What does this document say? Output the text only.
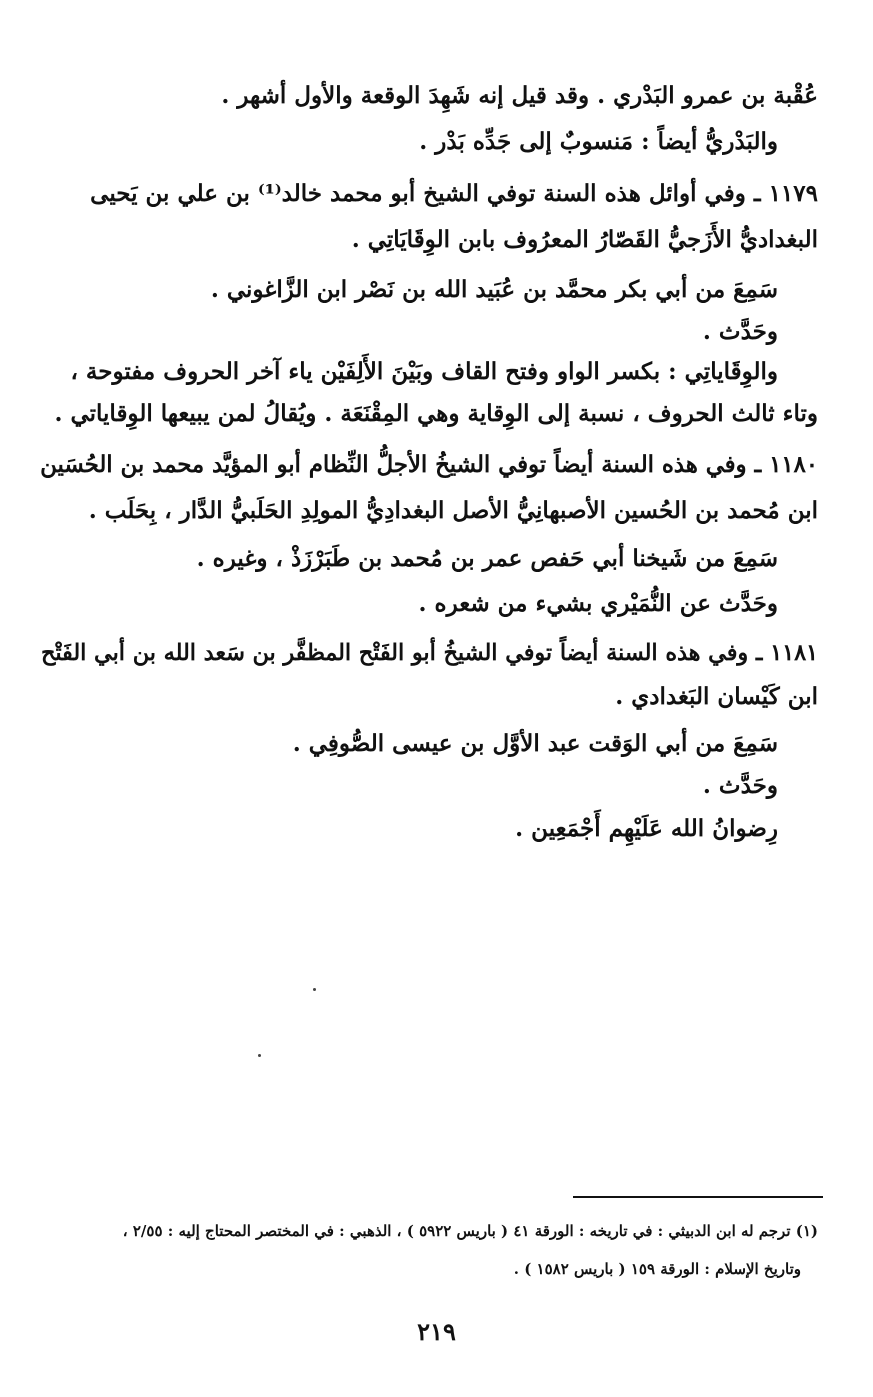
عُقْبة بن عمرو البَدْري . وقد قيل إنه شَهِدَ الوقعة والأول أشهر .
والبَدْريُّ أيضاً : مَنسوبٌ إلى جَدِّه بَدْر .
١١٧٩ ـ وفي أوائل هذه السنة توفي الشيخ أبو محمد خالد⁽¹⁾ بن علي بن يَحيى
البغداديُّ الأَزَجيُّ القَصّارُ المعرُوف بابن الوِقَايَاتِي .
سَمِعَ من أبي بكر محمَّد بن عُبَيد الله بن نَصْر ابن الزَّاغوني .
وحَدَّث .
والوِقَاياتِي : بكسر الواو وفتح القاف وبَيْنَ الأَلِفَيْن ياء آخر الحروف مفتوحة ،
وتاء ثالث الحروف ، نسبة إلى الوِقاية وهي المِقْنَعَة . ويُقالُ لمن يبيعها الوِقاياتي .
١١٨٠ ـ وفي هذه السنة أيضاً توفي الشيخُ الأجلُّ النِّظام أبو المؤيَّد محمد بن الحُسَين
ابن مُحمد بن الحُسين الأصبهانِيُّ الأصل البغدادِيُّ المولِدِ الحَلَبيُّ الدَّار ، بِحَلَب .
سَمِعَ من شَيخنا أبي حَفص عمر بن مُحمد بن طَبَرْزَذْ ، وغيره .
وحَدَّث عن النُّمَيْري بشيء من شعره .
١١٨١ ـ وفي هذه السنة أيضاً توفي الشيخُ أبو الفَتْح المظفَّر بن سَعد الله بن أبي الفَتْح
ابن كَيْسان البَغدادي .
سَمِعَ من أبي الوَقت عبد الأوَّل بن عيسى الصُّوفِي .
وحَدَّث .
رِضوانُ الله عَلَيْهِم أَجْمَعِين .
(١) ترجم له ابن الدبيثي : في تاريخه : الورقة ٤١ ( باريس ٥٩٢٢ ) ، الذهبي : في المختصر المحتاج إليه : ٢/٥٥ ،
وتاريخ الإسلام : الورقة ١٥٩ ( باريس ١٥٨٢ ) .
٢١٩
